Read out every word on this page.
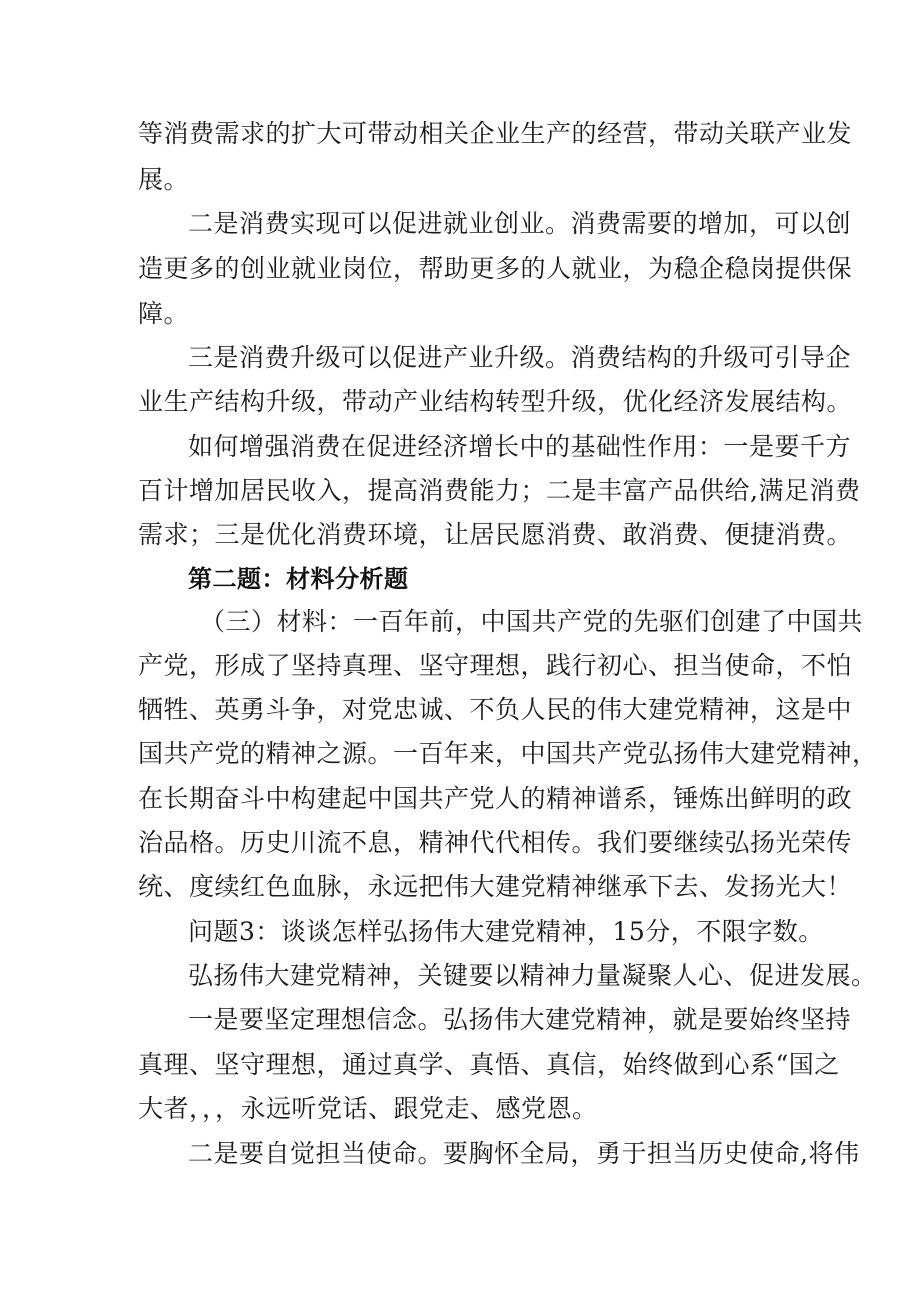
等消费需求的扩大可带动相关企业生产的经营，带动关联产业发
展。
二是消费实现可以促进就业创业。消费需要的增加，可以创
造更多的创业就业岗位，帮助更多的人就业，为稳企稳岗提供保
障。
三是消费升级可以促进产业升级。消费结构的升级可引导企
业生产结构升级，带动产业结构转型升级，优化经济发展结构。
如何增强消费在促进经济增长中的基础性作用：一是要千方
百计增加居民收入，提高消费能力；二是丰富产品供给,满足消费
需求；三是优化消费环境，让居民愿消费、敢消费、便捷消费。
第二题：材料分析题
（三）材料：一百年前，中国共产党的先驱们创建了中国共
产党，形成了坚持真理、坚守理想，践行初心、担当使命，不怕
牺牲、英勇斗争，对党忠诚、不负人民的伟大建党精神，这是中
国共产党的精神之源。一百年来，中国共产党弘扬伟大建党精神，
在长期奋斗中构建起中国共产党人的精神谱系，锤炼出鲜明的政
治品格。历史川流不息，精神代代相传。我们要继续弘扬光荣传
统、度续红色血脉，永远把伟大建党精神继承下去、发扬光大！
问题3：谈谈怎样弘扬伟大建党精神，15分，不限字数。
弘扬伟大建党精神，关键要以精神力量凝聚人心、促进发展。
一是要坚定理想信念。弘扬伟大建党精神，就是要始终坚持
真理、坚守理想，通过真学、真悟、真信，始终做到心系“国之
大者，，，永远听党话、跟党走、感党恩。
二是要自觉担当使命。要胸怀全局，勇于担当历史使命,将伟
